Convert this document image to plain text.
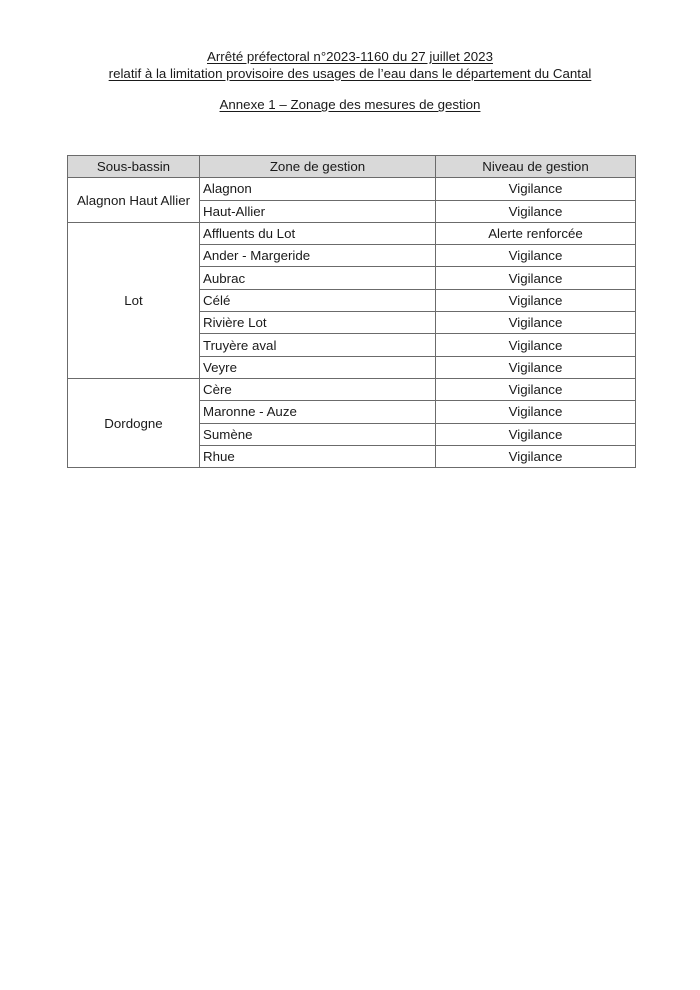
Arrêté préfectoral n°2023-1160 du 27 juillet 2023
relatif à la limitation provisoire des usages de l’eau dans le département du Cantal
Annexe 1 – Zonage des mesures de gestion
Sous-bassin	Zone de gestion	Niveau de gestion
Alagnon Haut Allier	Alagnon	Vigilance
	Haut-Allier	Vigilance
Lot	Affluents du Lot	Alerte renforcée
	Ander - Margeride	Vigilance
	Aubrac	Vigilance
	Célé	Vigilance
	Rivière Lot	Vigilance
	Truyère aval	Vigilance
	Veyre	Vigilance
Dordogne	Cère	Vigilance
	Maronne - Auze	Vigilance
	Sumène	Vigilance
	Rhue	Vigilance
